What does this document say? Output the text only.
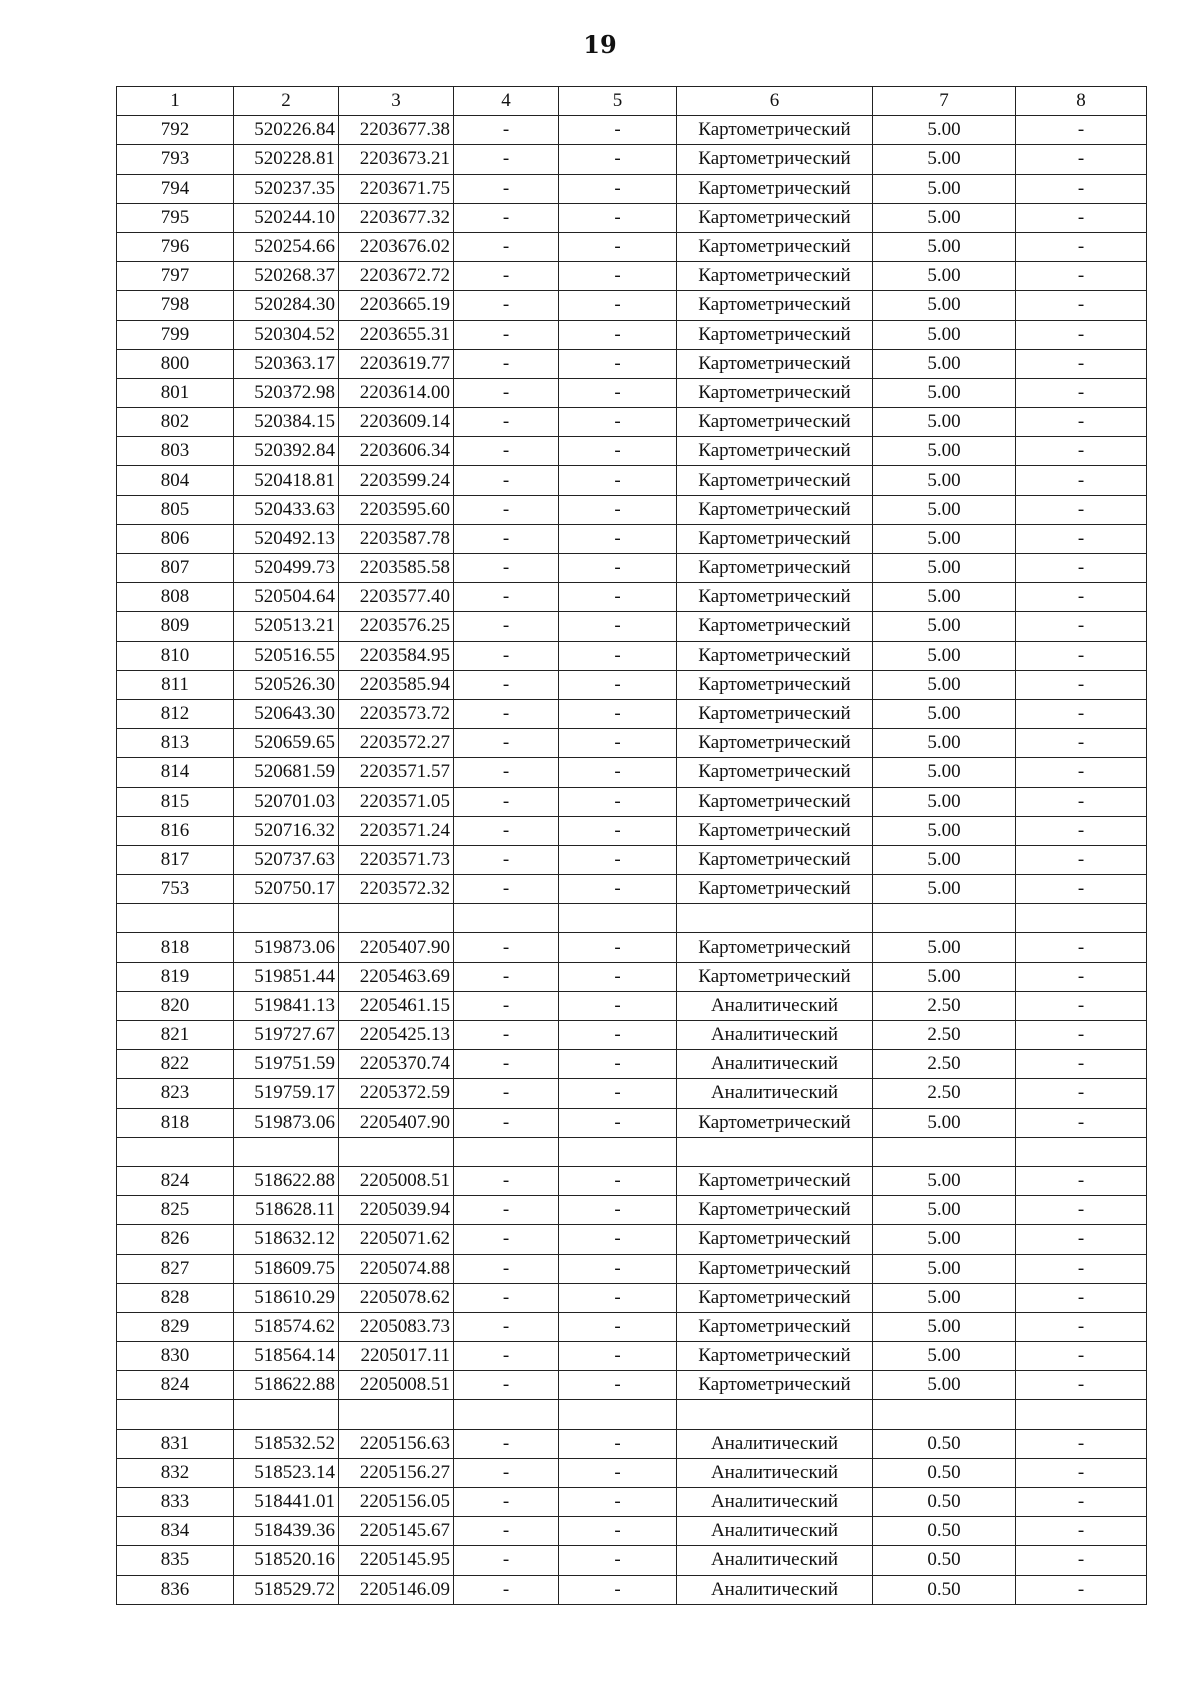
19
1	2	3	4	5	6	7	8
792	520226.84	2203677.38	-	-	Картометрический	5.00	-
793	520228.81	2203673.21	-	-	Картометрический	5.00	-
794	520237.35	2203671.75	-	-	Картометрический	5.00	-
795	520244.10	2203677.32	-	-	Картометрический	5.00	-
796	520254.66	2203676.02	-	-	Картометрический	5.00	-
797	520268.37	2203672.72	-	-	Картометрический	5.00	-
798	520284.30	2203665.19	-	-	Картометрический	5.00	-
799	520304.52	2203655.31	-	-	Картометрический	5.00	-
800	520363.17	2203619.77	-	-	Картометрический	5.00	-
801	520372.98	2203614.00	-	-	Картометрический	5.00	-
802	520384.15	2203609.14	-	-	Картометрический	5.00	-
803	520392.84	2203606.34	-	-	Картометрический	5.00	-
804	520418.81	2203599.24	-	-	Картометрический	5.00	-
805	520433.63	2203595.60	-	-	Картометрический	5.00	-
806	520492.13	2203587.78	-	-	Картометрический	5.00	-
807	520499.73	2203585.58	-	-	Картометрический	5.00	-
808	520504.64	2203577.40	-	-	Картометрический	5.00	-
809	520513.21	2203576.25	-	-	Картометрический	5.00	-
810	520516.55	2203584.95	-	-	Картометрический	5.00	-
811	520526.30	2203585.94	-	-	Картометрический	5.00	-
812	520643.30	2203573.72	-	-	Картометрический	5.00	-
813	520659.65	2203572.27	-	-	Картометрический	5.00	-
814	520681.59	2203571.57	-	-	Картометрический	5.00	-
815	520701.03	2203571.05	-	-	Картометрический	5.00	-
816	520716.32	2203571.24	-	-	Картометрический	5.00	-
817	520737.63	2203571.73	-	-	Картометрический	5.00	-
753	520750.17	2203572.32	-	-	Картометрический	5.00	-

818	519873.06	2205407.90	-	-	Картометрический	5.00	-
819	519851.44	2205463.69	-	-	Картометрический	5.00	-
820	519841.13	2205461.15	-	-	Аналитический	2.50	-
821	519727.67	2205425.13	-	-	Аналитический	2.50	-
822	519751.59	2205370.74	-	-	Аналитический	2.50	-
823	519759.17	2205372.59	-	-	Аналитический	2.50	-
818	519873.06	2205407.90	-	-	Картометрический	5.00	-

824	518622.88	2205008.51	-	-	Картометрический	5.00	-
825	518628.11	2205039.94	-	-	Картометрический	5.00	-
826	518632.12	2205071.62	-	-	Картометрический	5.00	-
827	518609.75	2205074.88	-	-	Картометрический	5.00	-
828	518610.29	2205078.62	-	-	Картометрический	5.00	-
829	518574.62	2205083.73	-	-	Картометрический	5.00	-
830	518564.14	2205017.11	-	-	Картометрический	5.00	-
824	518622.88	2205008.51	-	-	Картометрический	5.00	-

831	518532.52	2205156.63	-	-	Аналитический	0.50	-
832	518523.14	2205156.27	-	-	Аналитический	0.50	-
833	518441.01	2205156.05	-	-	Аналитический	0.50	-
834	518439.36	2205145.67	-	-	Аналитический	0.50	-
835	518520.16	2205145.95	-	-	Аналитический	0.50	-
836	518529.72	2205146.09	-	-	Аналитический	0.50	-
